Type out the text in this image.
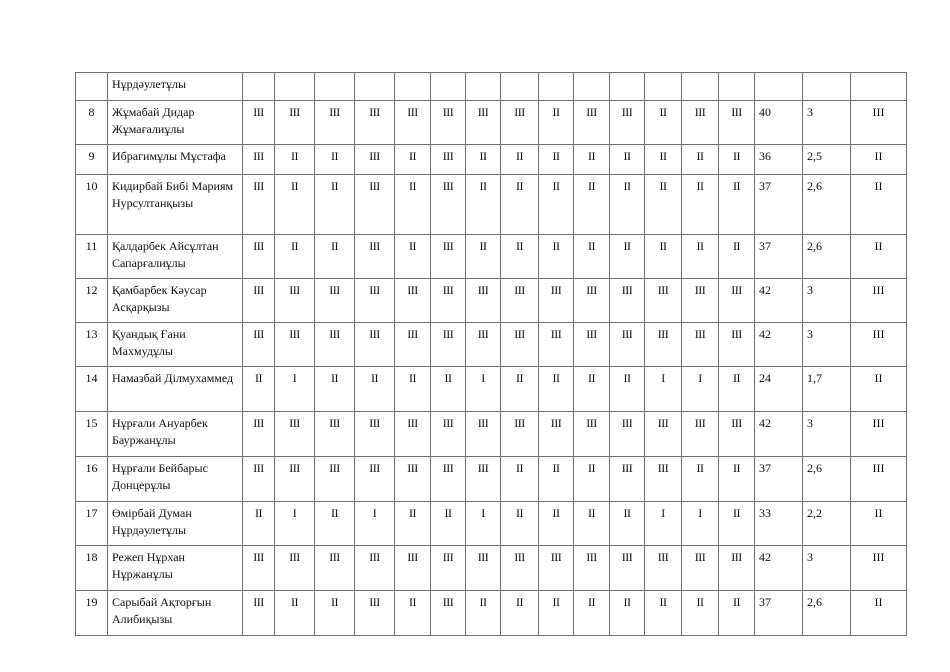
	Нұрдәулетұлы																	
8	Жұмабай Дидар Жұмағалиұлы	III	III	III	III	III	III	III	III	II	III	III	II	III	III	40	3	III
9	Ибрагимұлы Мұстафа	III	II	II	III	II	III	II	II	II	II	II	II	II	II	36	2,5	II
10	Кидирбай Бибі Мариям Нурсултанқызы	III	II	II	III	II	III	II	II	II	II	II	II	II	II	37	2,6	II
11	Қалдарбек Айсұлтан Сапарғалиұлы	III	II	II	III	II	III	II	II	II	II	II	II	II	II	37	2,6	II
12	Қамбарбек Кәусар Асқарқызы	III	III	III	III	III	III	III	III	III	III	III	III	III	III	42	3	III
13	Қуандық Ғани Махмудұлы	III	III	III	III	III	III	III	III	III	III	III	III	III	III	42	3	III
14	Намазбай Ділмухаммед	II	I	II	II	II	II	I	II	II	II	II	I	I	II	24	1,7	II
15	Нұрғали Ануарбек Бауржанұлы	III	III	III	III	III	III	III	III	III	III	III	III	III	III	42	3	III
16	Нұрғали Бейбарыс Донцерұлы	III	III	III	III	III	III	III	II	II	II	III	III	II	II	37	2,6	III
17	Өмірбай Думан Нұрдәулетұлы	II	I	II	I	II	II	I	II	II	II	II	I	I	II	33	2,2	II
18	Режеп Нұрхан Нұржанұлы	III	III	III	III	III	III	III	III	III	III	III	III	III	III	42	3	III
19	Сарыбай Ақторғын Алибиқызы	III	II	II	III	II	III	II	II	II	II	II	II	II	II	37	2,6	II
